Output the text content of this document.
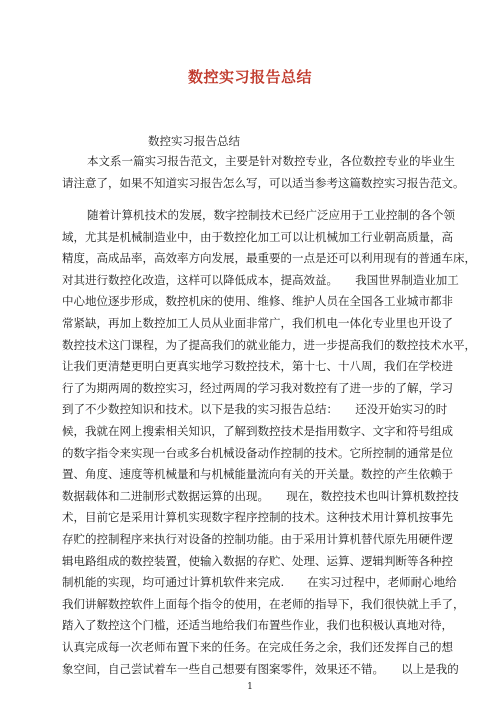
数控实习报告总结
数控实习报告总结
本文系一篇实习报告范文，主要是针对数控专业，各位数控专业的毕业生
请注意了，如果不知道实习报告怎么写，可以适当参考这篇数控实习报告范文。
随着计算机技术的发展，数字控制技术已经广泛应用于工业控制的各个领
域，尤其是机械制造业中，由于数控化加工可以让机械加工行业朝高质量，高
精度，高成品率，高效率方向发展，最重要的一点是还可以利用现有的普通车床，
对其进行数控化改造，这样可以降低成本，提高效益。　　我国世界制造业加工
中心地位逐步形成，数控机床的使用、维修、维护人员在全国各工业城市都非
常紧缺，再加上数控加工人员从业面非常广，我们机电一体化专业里也开设了
数控技术这门课程，为了提高我们的就业能力，进一步提高我们的数控技术水平，
让我们更清楚更明白更真实地学习数控技术，第十七、十八周，我们在学校进
行了为期两周的数控实习，经过两周的学习我对数控有了进一步的了解，学习
到了不少数控知识和技术。以下是我的实习报告总结：　　还没开始实习的时
候，我就在网上搜索相关知识，了解到数控技术是指用数字、文字和符号组成
的数字指令来实现一台或多台机械设备动作控制的技术。它所控制的通常是位
置、角度、速度等机械量和与机械能量流向有关的开关量。数控的产生依赖于
数据载体和二进制形式数据运算的出现。　　现在，数控技术也叫计算机数控技
术，目前它是采用计算机实现数字程序控制的技术。这种技术用计算机按事先
存贮的控制程序来执行对设备的控制功能。由于采用计算机替代原先用硬件逻
辑电路组成的数控装置，使输入数据的存贮、处理、运算、逻辑判断等各种控
制机能的实现，均可通过计算机软件来完成.　　在实习过程中，老师耐心地给
我们讲解数控软件上面每个指令的使用，在老师的指导下，我们很快就上手了，
踏入了数控这个门槛，还适当地给我们布置些作业，我们也积极认真地对待，
认真完成每一次老师布置下来的任务。在完成任务之余，我们还发挥自己的想
象空间，自己尝试着车一些自己想要有图案零件，效果还不错。　　以上是我的
1
